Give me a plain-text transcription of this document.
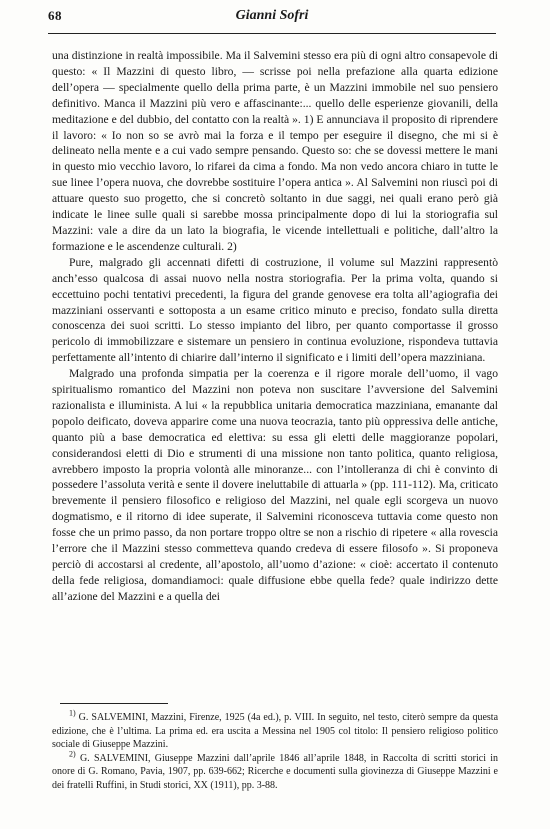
68	Gianni Sofri

una distinzione in realtà impossibile. Ma il Salvemini stesso era più di ogni altro consapevole di questo: « Il Mazzini di questo libro, — scrisse poi nella prefazione alla quarta edizione dell’opera — specialmente quello della prima parte, è un Mazzini immobile nel suo pensiero definitivo. Manca il Mazzini più vero e affascinante:... quello delle esperienze giovanili, della meditazione e del dubbio, del contatto con la realtà ». 1) E annunciava il proposito di riprendere il lavoro: « Io non so se avrò mai la forza e il tempo per eseguire il disegno, che mi si è delineato nella mente e a cui vado sempre pensando. Questo so: che se dovessi mettere le mani in questo mio vecchio lavoro, lo rifarei da cima a fondo. Ma non vedo ancora chiaro in tutte le sue linee l’opera nuova, che dovrebbe sostituire l’opera antica ». Al Salvemini non riuscì poi di attuare questo suo progetto, che si concretò soltanto in due saggi, nei quali erano però già indicate le linee sulle quali si sarebbe mossa principalmente dopo di lui la storiografia sul Mazzini: vale a dire da un lato la biografia, le vicende intellettuali e politiche, dall’altro la formazione e le ascendenze culturali. 2)

Pure, malgrado gli accennati difetti di costruzione, il volume sul Mazzini rappresentò anch’esso qualcosa di assai nuovo nella nostra storiografia. Per la prima volta, quando si eccettuino pochi tentativi precedenti, la figura del grande genovese era tolta all’agiografia dei mazziniani osservanti e sottoposta a un esame critico minuto e preciso, fondato sulla diretta conoscenza dei suoi scritti. Lo stesso impianto del libro, per quanto comportasse il grosso pericolo di immobilizzare e sistemare un pensiero in continua evoluzione, rispondeva tuttavia perfettamente all’intento di chiarire dall’interno il significato e i limiti dell’opera mazziniana.

Malgrado una profonda simpatia per la coerenza e il rigore morale dell’uomo, il vago spiritualismo romantico del Mazzini non poteva non suscitare l’avversione del Salvemini razionalista e illuminista. A lui « la repubblica unitaria democratica mazziniana, emanante dal popolo deificato, doveva apparire come una nuova teocrazia, tanto più oppressiva delle antiche, quanto più a base democratica ed elettiva: su essa gli eletti delle maggioranze popolari, considerandosi eletti di Dio e strumenti di una missione non tanto politica, quanto religiosa, avrebbero imposto la propria volontà alle minoranze... con l’intolleranza di chi è convinto di possedere l’assoluta verità e sente il dovere ineluttabile di attuarla » (pp. 111-112). Ma, criticato brevemente il pensiero filosofico e religioso del Mazzini, nel quale egli scorgeva un nuovo dogmatismo, e il ritorno di idee superate, il Salvemini riconosceva tuttavia come questo non fosse che un primo passo, da non portare troppo oltre se non a rischio di ripetere « alla rovescia l’errore che il Mazzini stesso commetteva quando credeva di essere filosofo ». Si proponeva perciò di accostarsi al credente, all’apostolo, all’uomo d’azione: « cioè: accertato il contenuto della fede religiosa, domandiamoci: quale diffusione ebbe quella fede? quale indirizzo dette all’azione del Mazzini e a quella dei

$^{1)}$ G. SALVEMINI, Mazzini, Firenze, 1925 (4a ed.), p. VIII. In seguito, nel testo, citerò sempre da questa edizione, che è l’ultima. La prima ed. era uscita a Messina nel 1905 col titolo: Il pensiero religioso politico sociale di Giuseppe Mazzini.

$^{2)}$ G. SALVEMINI, Giuseppe Mazzini dall’aprile 1846 all’aprile 1848, in Raccolta di scritti storici in onore di G. Romano, Pavia, 1907, pp. 639-662; Ricerche e documenti sulla giovinezza di Giuseppe Mazzini e dei fratelli Ruffini, in Studi storici, XX (1911), pp. 3-88.
